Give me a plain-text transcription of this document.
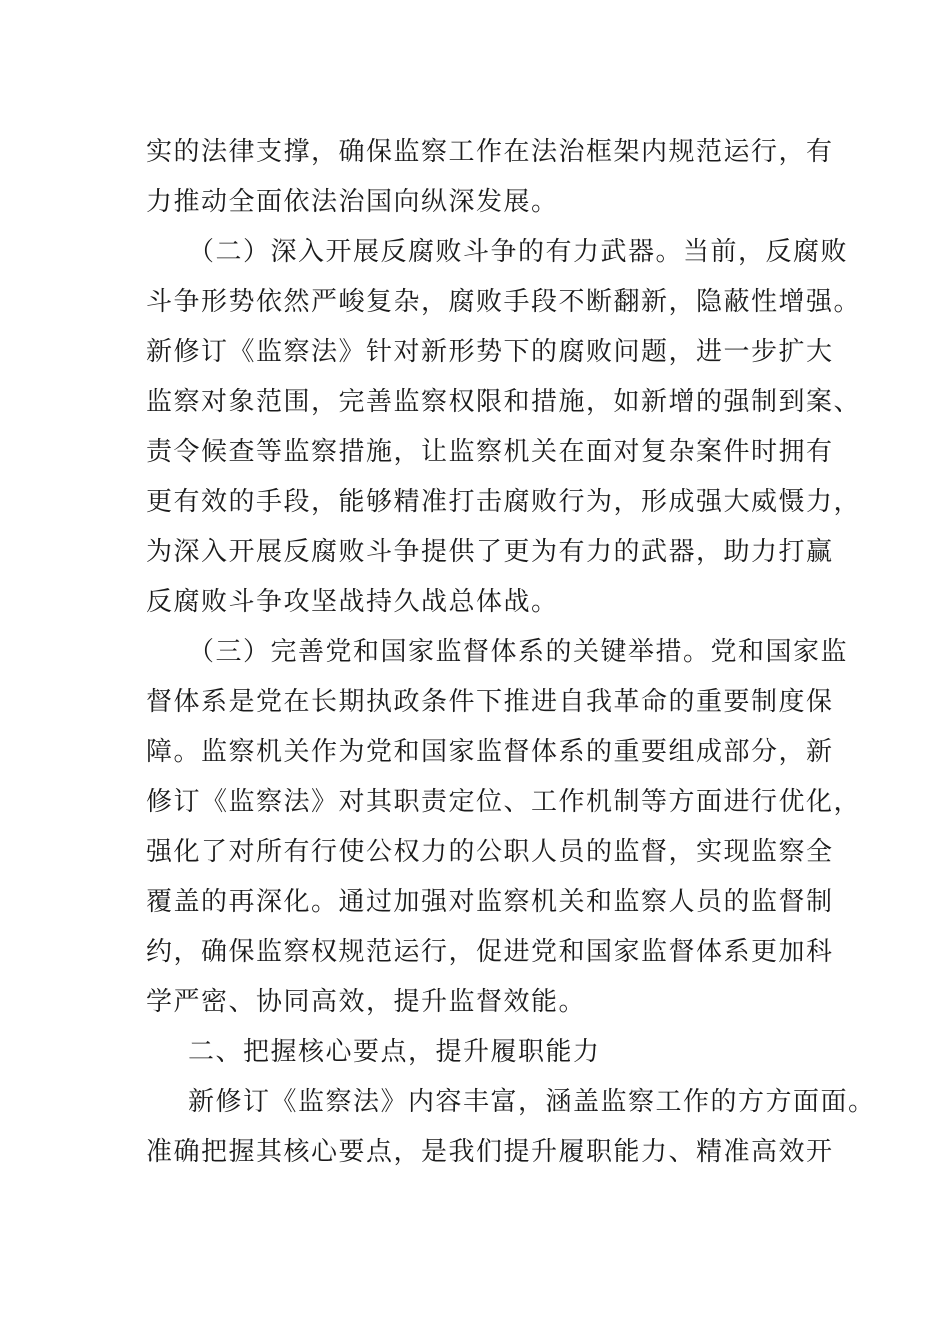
实的法律支撑，确保监察工作在法治框架内规范运行，有
力推动全面依法治国向纵深发展。
（二）深入开展反腐败斗争的有力武器。当前，反腐败
斗争形势依然严峻复杂，腐败手段不断翻新，隐蔽性增强。
新修订《监察法》针对新形势下的腐败问题，进一步扩大
监察对象范围，完善监察权限和措施，如新增的强制到案、
责令候查等监察措施，让监察机关在面对复杂案件时拥有
更有效的手段，能够精准打击腐败行为，形成强大威慑力，
为深入开展反腐败斗争提供了更为有力的武器，助力打赢
反腐败斗争攻坚战持久战总体战。
（三）完善党和国家监督体系的关键举措。党和国家监
督体系是党在长期执政条件下推进自我革命的重要制度保
障。监察机关作为党和国家监督体系的重要组成部分，新
修订《监察法》对其职责定位、工作机制等方面进行优化，
强化了对所有行使公权力的公职人员的监督，实现监察全
覆盖的再深化。通过加强对监察机关和监察人员的监督制
约，确保监察权规范运行，促进党和国家监督体系更加科
学严密、协同高效，提升监督效能。
二、把握核心要点，提升履职能力
新修订《监察法》内容丰富，涵盖监察工作的方方面面。
准确把握其核心要点，是我们提升履职能力、精准高效开
